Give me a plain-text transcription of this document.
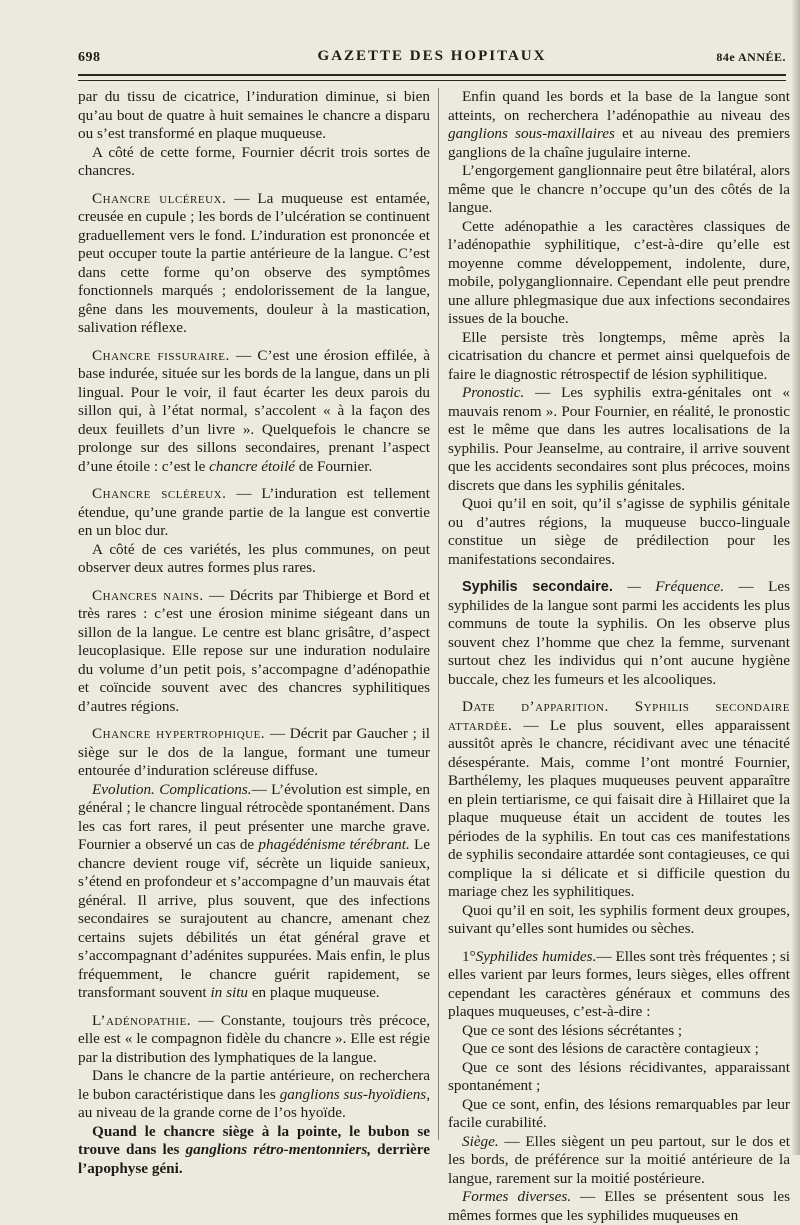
698	GAZETTE DES HOPITAUX	84e ANNÉE.

par du tissu de cicatrice, l’induration diminue, si bien qu’au bout de quatre à huit semaines le chancre a disparu ou s’est transformé en plaque muqueuse.

A côté de cette forme, Fournier décrit trois sortes de chancres.

Chancre ulcéreux. — La muqueuse est entamée, creusée en cupule ; les bords de l’ulcération se continuent graduellement vers le fond. L’induration est prononcée et peut occuper toute la partie antérieure de la langue. C’est dans cette forme qu’on observe des symptômes fonctionnels marqués ; endolorissement de la langue, gêne dans les mouvements, douleur à la mastication, salivation réflexe.

Chancre fissuraire. — C’est une érosion effilée, à base indurée, située sur les bords de la langue, dans un pli lingual. Pour le voir, il faut écarter les deux parois du sillon qui, à l’état normal, s’accolent « à la façon des deux feuillets d’un livre ». Quelquefois le chancre se prolonge sur des sillons secondaires, prenant l’aspect d’une étoile : c’est le chancre étoilé de Fournier.

Chancre scléreux. — L’induration est tellement étendue, qu’une grande partie de la langue est convertie en un bloc dur.

A côté de ces variétés, les plus communes, on peut observer deux autres formes plus rares.

Chancres nains. — Décrits par Thibierge et Bord et très rares : c’est une érosion minime siégeant dans un sillon de la langue. Le centre est blanc grisâtre, d’aspect leucoplasique. Elle repose sur une induration nodulaire du volume d’un petit pois, s’accompagne d’adénopathie et coïncide souvent avec des chancres syphilitiques d’autres régions.

Chancre hypertrophique. — Décrit par Gaucher ; il siège sur le dos de la langue, formant une tumeur entourée d’induration scléreuse diffuse.

Evolution. Complications.— L’évolution est simple, en général ; le chancre lingual rétrocède spontanément. Dans les cas fort rares, il peut présenter une marche grave. Fournier a observé un cas de phagédénisme térébrant. Le chancre devient rouge vif, sécrète un liquide sanieux, s’étend en profondeur et s’accompagne d’un mauvais état général. Il arrive, plus souvent, que des infections secondaires se surajoutent au chancre, amenant chez certains sujets débilités un état général grave et s’accompagnant d’adénites suppurées. Mais enfin, le plus fréquemment, le chancre guérit rapidement, se transformant souvent in situ en plaque muqueuse.

L’adénopathie. — Constante, toujours très précoce, elle est « le compagnon fidèle du chancre ». Elle est régie par la distribution des lymphatiques de la langue.

Dans le chancre de la partie antérieure, on rechercherа le bubon caractéristique dans les ganglions sus-hyoïdiens, au niveau de la grande corne de l’os hyoïde.

Quand le chancre siège à la pointe, le bubon se trouve dans les ganglions rétro-mentonniers, derrière l’apophyse géni.

Enfin quand les bords et la base de la langue sont atteints, on recherchera l’adénopathie au niveau des ganglions sous-maxillaires et au niveau des premiers ganglions de la chaîne jugulaire interne.

L’engorgement ganglionnaire peut être bilatéral, alors même que le chancre n’occupe qu’un des côtés de la langue.

Cette adénopathie a les caractères classiques de l’adénopathie syphilitique, c’est-à-dire qu’elle est moyenne comme développement, indolente, dure, mobile, polyganglionnaire. Cependant elle peut prendre une allure phlegmasique due aux infections secondaires issues de la bouche.

Elle persiste très longtemps, même après la cicatrisation du chancre et permet ainsi quelquefois de faire le diagnostic rétrospectif de lésion syphilitique.

Pronostic. — Les syphilis extra-génitales ont « mauvais renom ». Pour Fournier, en réalité, le pronostic est le même que dans les autres localisations de la syphilis. Pour Jeanselme, au contraire, il arrive souvent que les accidents secondaires sont plus précoces, moins discrets que dans les syphilis génitales.

Quoi qu’il en soit, qu’il s’agisse de syphilis génitale ou d’autres régions, la muqueuse bucco-linguale constitue un siège de prédilection pour les manifestations secondaires.

Syphilis secondaire. — Fréquence. — Les syphilides de la langue sont parmi les accidents les plus communs de toute la syphilis. On les observe plus souvent chez l’homme que chez la femme, survenant surtout chez les individus qui n’ont aucune hygiène buccale, chez les fumeurs et les alcooliques.

Date d’apparition. Syphilis secondaire attardée. — Le plus souvent, elles apparaissent aussitôt après le chancre, récidivant avec une ténacité désespérante. Mais, comme l’ont montré Fournier, Barthélemy, les plaques muqueuses peuvent apparaître en plein tertiarisme, ce qui faisait dire à Hillairet que la plaque muqueuse était un accident de toutes les périodes de la syphilis. En tout cas ces manifestations de syphilis secondaire attardée sont contagieuses, ce qui complique la si délicate et si difficile question du mariage chez les syphilitiques.

Quoi qu’il en soit, les syphilis forment deux groupes, suivant qu’elles sont humides ou sèches.

1°Syphilides humides.— Elles sont très fréquentes ; si elles varient par leurs formes, leurs sièges, elles offrent cependant les caractères généraux et communs des plaques muqueuses, c’est-à-dire :

Que ce sont des lésions sécrétantes ;

Que ce sont des lésions de caractère contagieux ;

Que ce sont des lésions récidivantes, apparaissant spontanément ;

Que ce sont, enfin, des lésions remarquables par leur facile curabilité.

Siège. — Elles siègent un peu partout, sur le dos et les bords, de préférence sur la moitié antérieure de la langue, rarement sur la moitié postérieure.

Formes diverses. — Elles se présentent sous les mêmes formes que les syphilides muqueuses en
